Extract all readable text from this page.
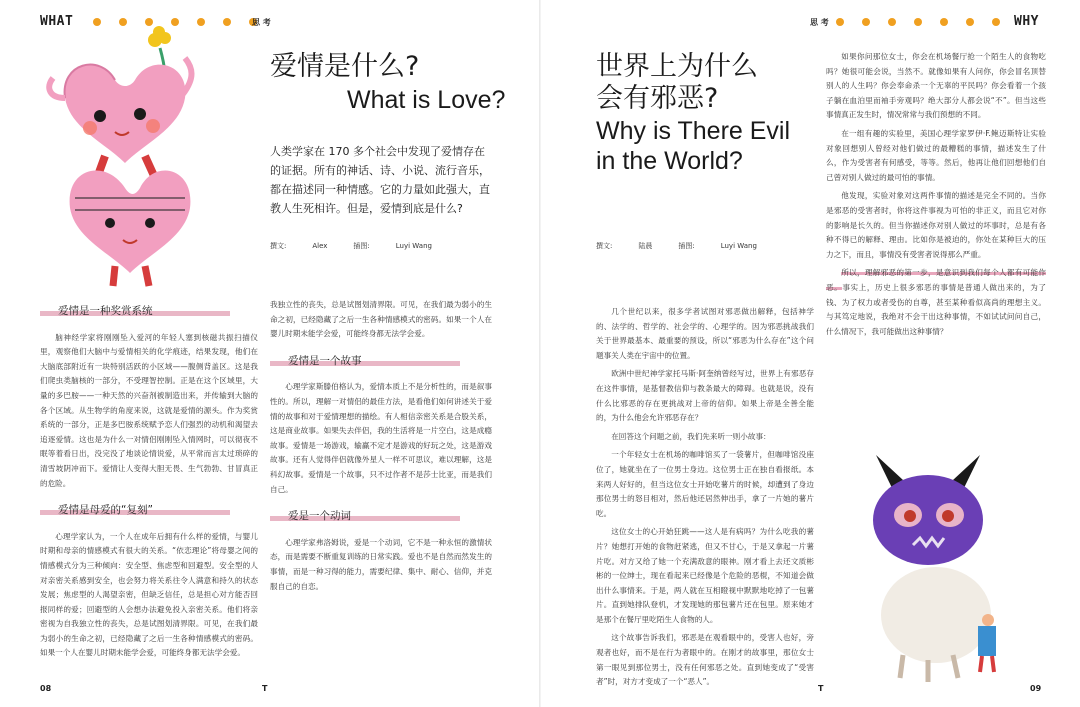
WHAT	思 考	思 考	WHY
爱情是什么?
What is Love?
人类学家在 170 多个社会中发现了爱情存在的证据。所有的神话、诗、小说、流行音乐，都在描述同一种情感。它的力量如此强大，直教人生死相许。但是，爱情到底是什么?
撰文:	Alex	插图:	Luyi Wang
爱情是一种奖赏系统

脑神经学家将刚刚坠入爱河的年轻人塞到核磁共振扫描仪里，观察他们大脑中与爱情相关的化学痕迹，结果发现，他们在大脑底部附近有一块特别活跃的小区域——腹侧背盖区。这是我们爬虫类脑核的一部分，不受理智控制。正是在这个区域里，大量的多巴胺——一种天然的兴奋剂被制造出来，并传输到大脑的各个区域。从生物学的角度来说，这就是爱情的源头。作为奖赏系统的一部分，正是多巴胺系统赋予恋人们强烈的动机和渴望去追逐爱情。这也是为什么一对情侣刚刚坠入情网时，可以彻夜不眠等着看日出，没完没了地谈论情说爱，从平常而言太过琐碎的清雪坡阴冲而下。爱情让人变得大胆无畏、生气勃勃、甘冒真正的危险。

爱情是母爱的“复刻”

心理学家认为，一个人在成年后拥有什么样的爱情，与婴儿时期和母亲的情感模式有很大的关系。“依恋理论”将母婴之间的情感模式分为三种倾向：安全型、焦虑型和回避型。安全型的人对亲密关系感到安全，也会努力将关系往令人满意和持久的状态发展；焦虑型的人渴望亲密，但缺乏信任，总是担心对方能否回报同样的爱；回避型的人会想办法避免投入亲密关系。他们将亲密视为自我独立性的丧失，总是试图划清界限。可见，在我们最为弱小的生命之初，已经隐藏了之后一生各种情感模式的密码。如果一个人在婴儿时期未能学会爱，可能终身都无法学会爱。

我独立性的丧失，总是试图划清界限。可见，在我们最为弱小的生命之初，已经隐藏了之后一生各种情感模式的密码。如果一个人在婴儿时期未能学会爱，可能终身都无法学会爱。

爱情是一个故事

心理学家斯滕伯格认为，爱情本质上不是分析性的，而是叙事性的。所以，理解一对情侣的最佳方法，是看他们如何讲述关于爱情的故事和对于爱情理想的描绘。有人相信亲密关系是合股关系，这是商业故事。如果失去伴侣，我的生活将是一片空白，这是成瘾故事。爱情是一场游戏，输赢不定才是游戏的好玩之处，这是游戏故事。还有人觉得伴侣就像外星人一样不可思议，难以理解，这是科幻故事。爱情是一个故事，只不过作者不是莎士比亚，而是我们自己。

爱是一个动词

心理学家弗洛姆说，爱是一个动词，它不是一种永恒的激情状态，而是需要不断重复训练的日常实践。爱也不是自然而然发生的事情，而是一种习得的能力，需要纪律、集中、耐心、信仰，并克服自己的自恋。

08	T
世界上为什么
会有邪恶?
Why is There Evil
in the World?
撰文:	陆晨	插图:	Luyi Wang

几个世纪以来，很多学者试图对邪恶做出解释，包括神学的、法学的、哲学的、社会学的、心理学的。因为邪恶挑战我们关于世界最基本、最重要的预设，所以“邪恶为什么存在”这个问题事关人类在宇宙中的位置。

欧洲中世纪神学家托马斯·阿奎纳曾经写过，世界上有邪恶存在这件事情，是基督教信仰与教条最大的障碍。也就是说，没有什么比邪恶的存在更挑战对上帝的信仰。如果上帝是全善全能的，为什么他会允许邪恶存在？

在回答这个问题之前，我们先来听一则小故事：

一个年轻女士在机场的咖啡馆买了一袋薯片，但咖啡馆没座位了，她就坐在了一位男士身边。这位男士正在独自看报纸。本来两人好好的，但当这位女士开始吃薯片的时候，却遭到了身边那位男士的怒目相对，然后他还居然伸出手，拿了一片她的薯片吃。

这位女士的心开始狂跳——这人是有病吗？为什么吃我的薯片？她想打开她的食物赶紧逃，但又不甘心，于是又拿起一片薯片吃。对方又给了她一个充满敌意的眼神。刚才看上去还文质彬彬的一位绅士，现在看起来已经像是个危险的恶棍，不知道会做出什么事情来。于是，两人就在互相瞪视中默默地吃掉了一包薯片。直到她排队登机，才发现她的那包薯片还在包里。原来她才是那个在餐厅里吃陌生人食物的人。

这个故事告诉我们，邪恶是在观看眼中的，受害人也好，旁观者也好，而不是在行为者眼中的。在刚才的故事里，那位女士第一眼见到那位男士，没有任何邪恶之处。直到她变成了“受害者”时，对方才变成了一个“恶人”。

如果你问那位女士，你会在机场餐厅抢一个陌生人的食物吃吗？她很可能会说，当然不。就像如果有人问你，你会冒名顶替别人的人生吗？你会奉命杀一个无辜的平民吗？你会看着一个孩子躺在血泊里而袖手旁观吗？绝大部分人都会说“不”。但当这些事情真正发生时，情况常常与我们预想的不同。

在一组有趣的实验里，美国心理学家罗伊·F.鲍迈斯特让实验对象回想别人曾经对他们做过的最糟糕的事情，描述发生了什么，作为受害者有何感受，等等。然后，他再让他们回想他们自己曾对别人做过的最可怕的事情。

他发现，实验对象对这两件事情的描述是完全不同的。当你是邪恶的受害者时，你将这件事视为可怕的非正义，而且它对你的影响是长久的。但当你描述你对别人做过的坏事时，总是有各种不得已的解释、理由。比如你是被迫的，你处在某种巨大的压力之下，而且，事情没有受害者说得那么严重。

所以，理解邪恶的第一步，是意识到我们每个人都有可能作恶。事实上，历史上很多邪恶的事情是普通人做出来的，为了钱、为了权力或者受伤的自尊，甚至某种看似高尚的理想主义。与其笃定地说，我绝对不会干出这种事情，不如试试问问自己，什么情况下，我可能做出这种事情？

T	09
